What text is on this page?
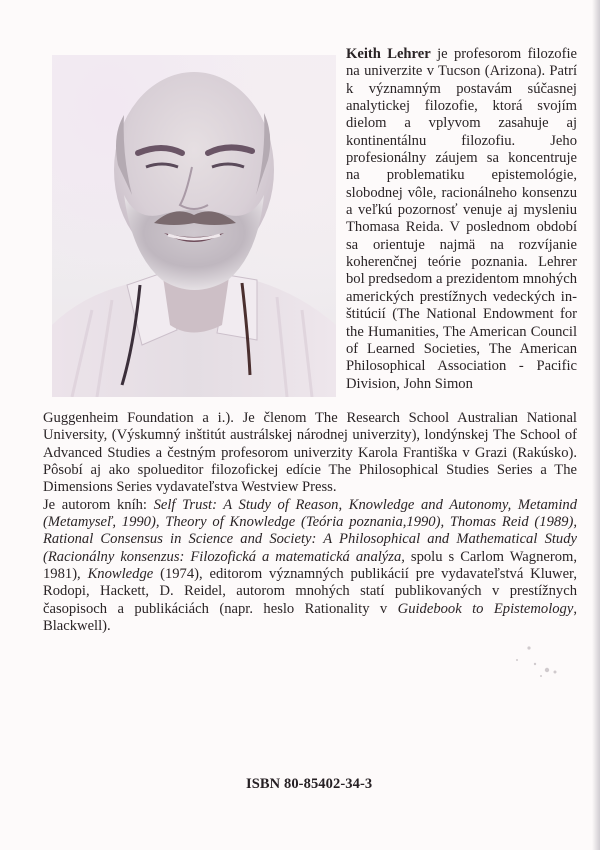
Keith Lehrer je profesorom filozofie na univerzite v Tucson (Arizona). Patrí k významným postavám súčasnej analytickej filozofie, ktorá svojím dielom a vplyvom zasahuje aj kontinentálnu filozofiu. Jeho profesionálny záujem sa koncentruje na problematiku epistemológie, slobodnej vôle, racionálneho konsenzu a veľkú pozornosť venuje aj mysleniu Thomasa Reida. V poslednom období sa orientuje najmä na rozvíjanie koherenčnej teórie poznania. Lehrer bol predsedom a prezidentom mnohých amerických prestížnych vedeckých inštitúcií (The National Endowment for the Humanities, The American Council of Learned Societies, The American Philosophical Association - Pacific Division, John Simon

Guggenheim Foundation a i.). Je členom The Research School Australian National University, (Výskumný inštitút austrálskej národnej univerzity), londýnskej The School of Advanced Studies a čestným profesorom univerzity Karola Františka v Grazi (Rakúsko). Pôsobí aj ako spolueditor filozofickej edície The Philosophical Studies Series a The Dimensions Series vydavateľstva Westview Press.

Je autorom kníh: Self Trust: A Study of Reason, Knowledge and Autonomy, Metamind (Metamyseľ, 1990), Theory of Knowledge (Teória poznania,1990), Thomas Reid (1989), Rational Consensus in Science and Society: A Philosophical and Mathematical Study (Racionálny konsenzus: Filozofická a matematická analýza, spolu s Carlom Wagnerom, 1981), Knowledge (1974), editorom významných publikácií pre vydavateľstvá Kluwer, Rodopi, Hackett, D. Reidel, autorom mnohých statí publikovaných v prestížnych časopisoch a publikáciách (napr. heslo Rationality v Guidebook to Epistemology, Blackwell).

ISBN 80-85402-34-3
